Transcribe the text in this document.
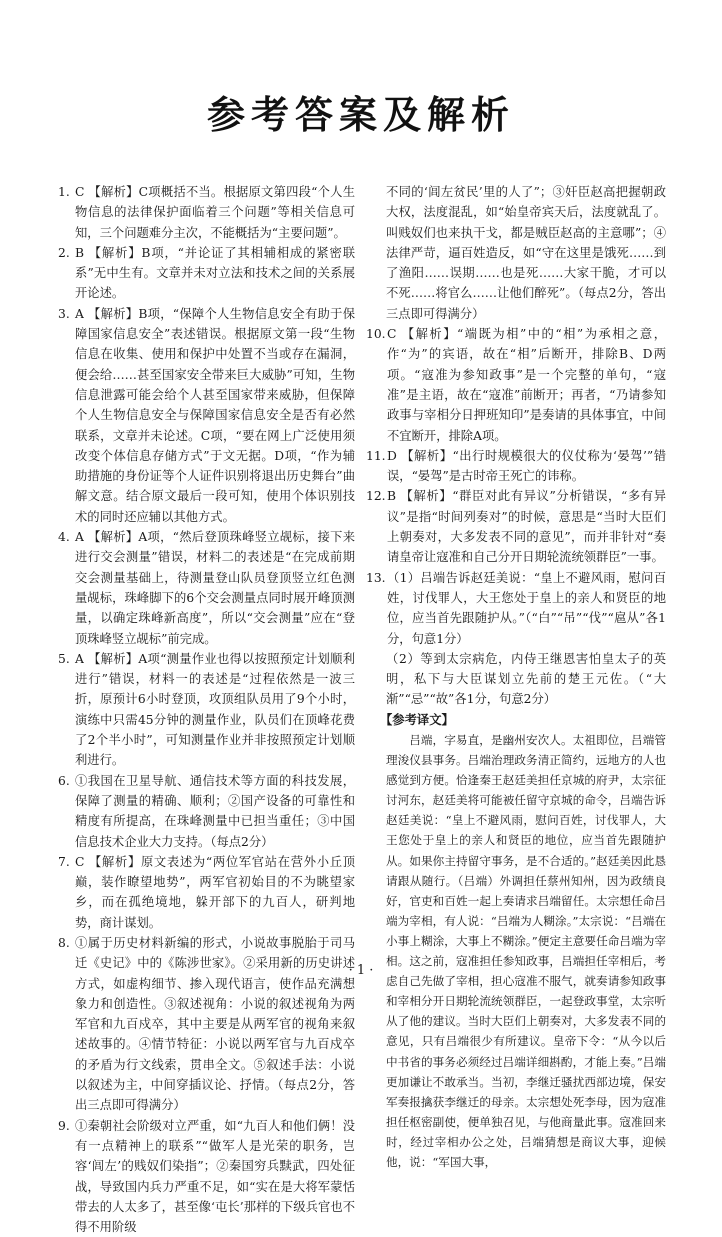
参考答案及解析
1. C 【解析】C项概括不当。根据原文第四段“个人生物信息的法律保护面临着三个问题”等相关信息可知，三个问题难分主次，不能概括为“主要问题”。
2. B 【解析】B项，“并论证了其相辅相成的紧密联系”无中生有。文章并未对立法和技术之间的关系展开论述。
3. A 【解析】B项，“保障个人生物信息安全有助于保障国家信息安全”表述错误。根据原文第一段“生物信息在收集、使用和保护中处置不当或存在漏洞，便会给……甚至国家安全带来巨大威胁”可知，生物信息泄露可能会给个人甚至国家带来威胁，但保障个人生物信息安全与保障国家信息安全是否有必然联系，文章并未论述。C项，“要在网上广泛使用须改变个体信息存储方式”于文无据。D项，“作为辅助措施的身份证等个人证件识别将退出历史舞台”曲解文意。结合原文最后一段可知，使用个体识别技术的同时还应辅以其他方式。
4. A 【解析】A项，“然后登顶珠峰竖立觇标，接下来进行交会测量”错误，材料二的表述是“在完成前期交会测量基础上，待测量登山队员登顶竖立红色测量觇标，珠峰脚下的6个交会测量点同时展开峰顶测量，以确定珠峰新高度”，所以“交会测量”应在“登顶珠峰竖立觇标”前完成。
5. A 【解析】A项“测量作业也得以按照预定计划顺利进行”错误，材料一的表述是“过程依然是一波三折，原预计6小时登顶，攻顶组队员用了9个小时，演练中只需45分钟的测量作业，队员们在顶峰花费了2个半小时”，可知测量作业并非按照预定计划顺利进行。
6. ①我国在卫星导航、通信技术等方面的科技发展，保障了测量的精确、顺利；②国产设备的可靠性和精度有所提高，在珠峰测量中已担当重任；③中国信息技术企业大力支持。（每点2分）
7. C 【解析】原文表述为“两位军官站在营外小丘顶巅，装作瞭望地势”，两军官初始目的不为眺望家乡，而在孤绝境地，躲开部下的九百人，研判地势，商计谋划。
8. ①属于历史材料新编的形式，小说故事脱胎于司马迁《史记》中的《陈涉世家》。②采用新的历史讲述方式，如虚构细节、掺入现代语言，使作品充满想象力和创造性。③叙述视角：小说的叙述视角为两军官和九百戍卒，其中主要是从两军官的视角来叙述故事的。④情节特征：小说以两军官与九百戍卒的矛盾为行文线索，贯串全文。⑤叙述手法：小说以叙述为主，中间穿插议论、抒情。（每点2分，答出三点即可得满分）
9. ①秦朝社会阶级对立严重，如“九百人和他们俩！没有一点精神上的联系”“做军人是光荣的职务，岂容‘闾左’的贱奴们染指”；②秦国穷兵黩武，四处征战，导致国内兵力严重不足，如“实在是大将军蒙恬带去的人太多了，甚至像‘屯长’那样的下级兵官也不得不用阶级
不同的‘闾左贫民’里的人了”；③奸臣赵高把握朝政大权，法度混乱，如“始皇帝宾天后，法度就乱了。叫贱奴们也来执干戈，都是贼臣赵高的主意哪”；④法律严苛，逼百姓造反，如“守在这里是饿死……到了渔阳……误期……也是死……大家干脆，才可以不死……将官么……让他们醉死”。（每点2分，答出三点即可得满分）
10. C 【解析】“端既为相”中的“相”为承相之意，作“为”的宾语，故在“相”后断开，排除B、D两项。“寇准为参知政事”是一个完整的单句，“寇准”是主语，故在“寇准”前断开；再者，“乃请参知政事与宰相分日押班知印”是奏请的具体事宜，中间不宜断开，排除A项。
11. D 【解析】“出行时规模很大的仪仗称为‘晏驾’”错误，“晏驾”是古时帝王死亡的讳称。
12. B 【解析】“群臣对此有异议”分析错误，“多有异议”是指“时间列奏对”的时候，意思是“当时大臣们上朝奏对，大多发表不同的意见”，而并非针对“奏请皇帝让寇准和自己分开日期轮流统领群臣”一事。
13. （1）吕端告诉赵廷美说：“皇上不避风雨，慰问百姓，讨伐罪人，大王您处于皇上的亲人和贤臣的地位，应当首先跟随护从。”（“白”“吊”“伐”“扈从”各1分，句意1分）
（2）等到太宗病危，内侍王继恩害怕皇太子的英明，私下与大臣谋划立先前的楚王元佐。（“大渐”“忌”“故”各1分，句意2分）
【参考译文】
吕端，字易直，是幽州安次人。太祖即位，吕端管理浚仪县事务。吕端治理政务清正简约，远地方的人也感觉到方便。恰逢秦王赵廷美担任京城的府尹，太宗征讨河东，赵廷美将可能被任留守京城的命令，吕端告诉赵廷美说：“皇上不避风雨，慰问百姓，讨伐罪人，大王您处于皇上的亲人和贤臣的地位，应当首先跟随护从。如果你主持留守事务，是不合适的。”赵廷美因此恳请跟从随行。（吕端）外调担任蔡州知州，因为政绩良好，官吏和百姓一起上奏请求吕端留任。太宗想任命吕端为宰相，有人说：“吕端为人糊涂。”太宗说：“吕端在小事上糊涂，大事上不糊涂。”便定主意要任命吕端为宰相。这之前，寇准担任参知政事，吕端担任宰相后，考虑自己先做了宰相，担心寇准不服气，就奏请参知政事和宰相分开日期轮流统领群臣，一起登政事堂，太宗听从了他的建议。当时大臣们上朝奏对，大多发表不同的意见，只有吕端很少有所建议。皇帝下令：“从今以后中书省的事务必须经过吕端详细斟酌，才能上奏。”吕端更加谦让不敢承当。当初，李继迁骚扰西部边境，保安军奏报擒获李继迁的母亲。太宗想处死李母，因为寇准担任枢密副使，便单独召见，与他商量此事。寇准回来时，经过宰相办公之处，吕端猜想是商议大事，迎候他，说：“军国大事，
· 1 ·
